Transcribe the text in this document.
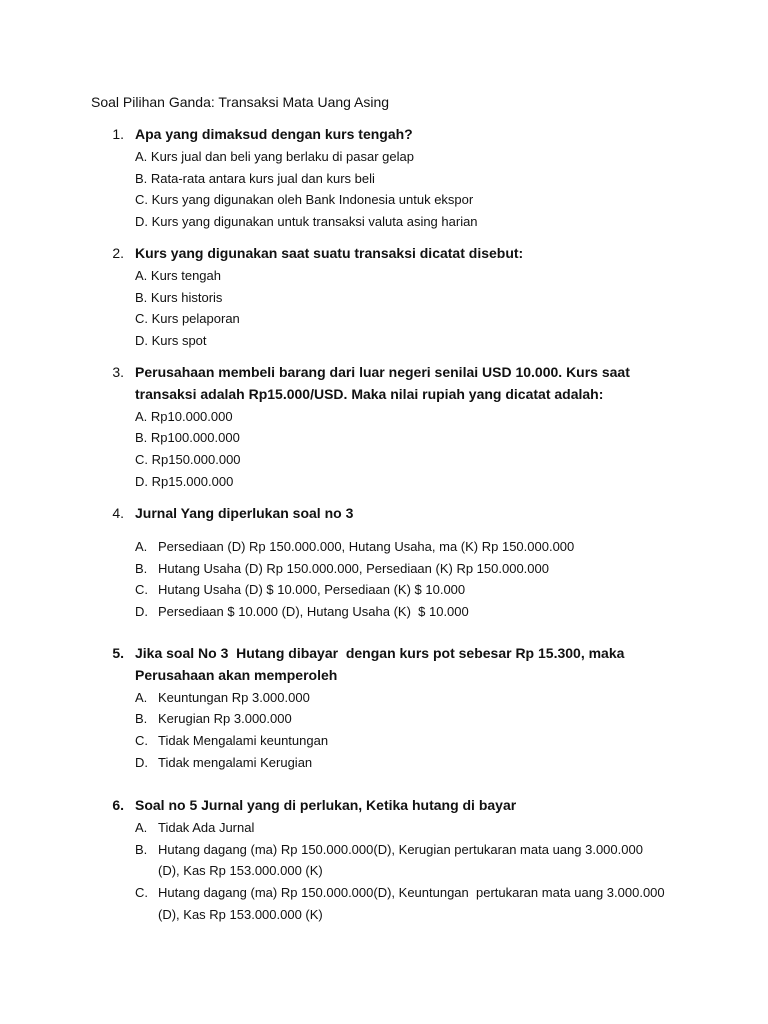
Soal Pilihan Ganda: Transaksi Mata Uang Asing
1. Apa yang dimaksud dengan kurs tengah?
A. Kurs jual dan beli yang berlaku di pasar gelap
B. Rata-rata antara kurs jual dan kurs beli
C. Kurs yang digunakan oleh Bank Indonesia untuk ekspor
D. Kurs yang digunakan untuk transaksi valuta asing harian
2. Kurs yang digunakan saat suatu transaksi dicatat disebut:
A. Kurs tengah
B. Kurs historis
C. Kurs pelaporan
D. Kurs spot
3. Perusahaan membeli barang dari luar negeri senilai USD 10.000. Kurs saat transaksi adalah Rp15.000/USD. Maka nilai rupiah yang dicatat adalah:
A. Rp10.000.000
B. Rp100.000.000
C. Rp150.000.000
D. Rp15.000.000
4. Jurnal Yang diperlukan soal no 3
A. Persediaan (D) Rp 150.000.000, Hutang Usaha, ma (K) Rp 150.000.000
B. Hutang Usaha (D) Rp 150.000.000, Persediaan (K) Rp 150.000.000
C. Hutang Usaha (D) $ 10.000, Persediaan (K) $ 10.000
D. Persediaan $ 10.000 (D), Hutang Usaha (K)  $ 10.000
5. Jika soal No 3  Hutang dibayar  dengan kurs pot sebesar Rp 15.300, maka Perusahaan akan memperoleh
A. Keuntungan Rp 3.000.000
B. Kerugian Rp 3.000.000
C. Tidak Mengalami keuntungan
D. Tidak mengalami Kerugian
6. Soal no 5 Jurnal yang di perlukan, Ketika hutang di bayar
A. Tidak Ada Jurnal
B. Hutang dagang (ma) Rp 150.000.000(D), Kerugian pertukaran mata uang 3.000.000 (D), Kas Rp 153.000.000 (K)
C. Hutang dagang (ma) Rp 150.000.000(D), Keuntungan  pertukaran mata uang 3.000.000 (D), Kas Rp 153.000.000 (K)
